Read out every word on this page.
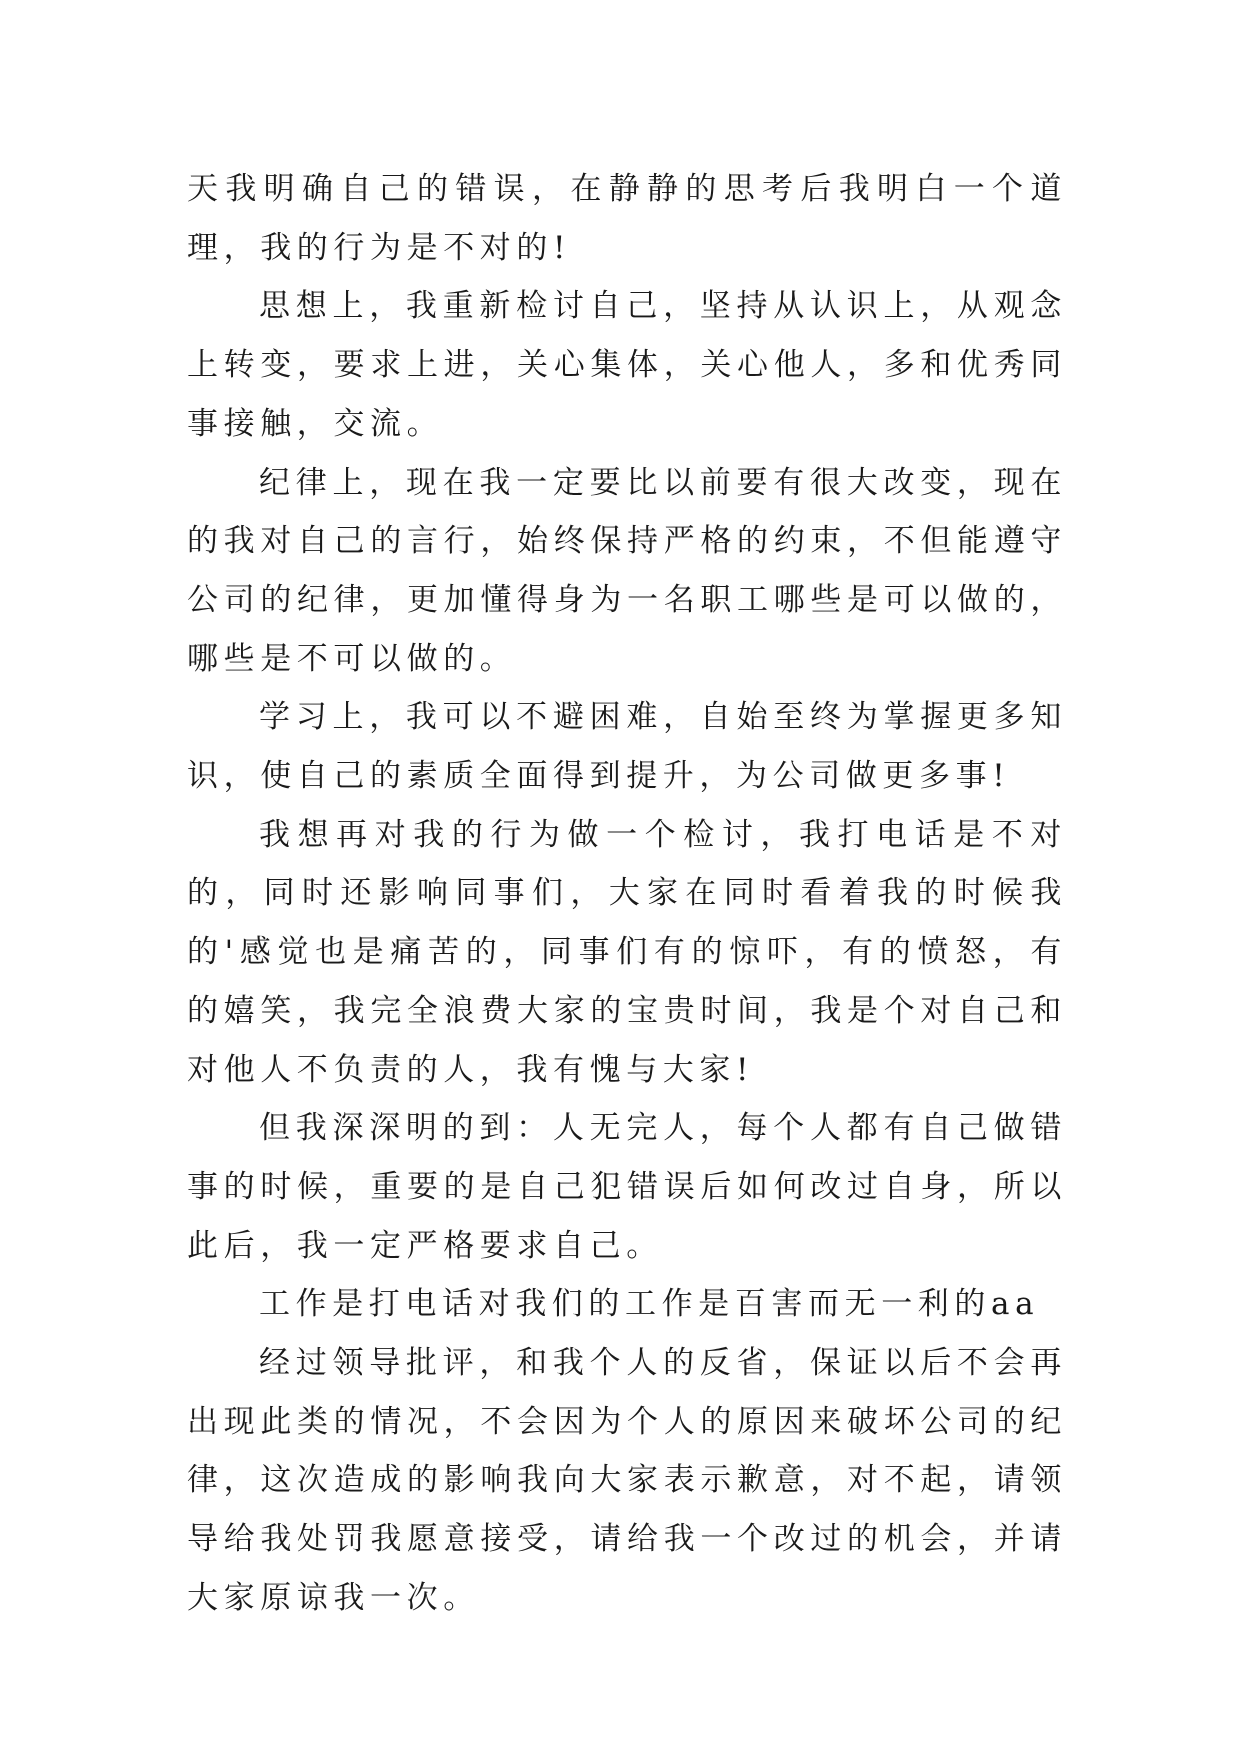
天我明确自己的错误，在静静的思考后我明白一个道理，我的行为是不对的!

思想上，我重新检讨自己，坚持从认识上，从观念上转变，要求上进，关心集体，关心他人，多和优秀同事接触，交流。

纪律上，现在我一定要比以前要有很大改变，现在的我对自己的言行，始终保持严格的约束，不但能遵守公司的纪律，更加懂得身为一名职工哪些是可以做的，哪些是不可以做的。

学习上，我可以不避困难，自始至终为掌握更多知识，使自己的素质全面得到提升，为公司做更多事!

我想再对我的行为做一个检讨，我打电话是不对的，同时还影响同事们，大家在同时看着我的时候我的'感觉也是痛苦的，同事们有的惊吓，有的愤怒，有的嬉笑，我完全浪费大家的宝贵时间，我是个对自己和对他人不负责的人，我有愧与大家!

但我深深明的到：人无完人，每个人都有自己做错事的时候，重要的是自己犯错误后如何改过自身，所以此后，我一定严格要求自己。

工作是打电话对我们的工作是百害而无一利的aa

经过领导批评，和我个人的反省，保证以后不会再出现此类的情况，不会因为个人的原因来破坏公司的纪律，这次造成的影响我向大家表示歉意，对不起，请领导给我处罚我愿意接受，请给我一个改过的机会，并请大家原谅我一次。
